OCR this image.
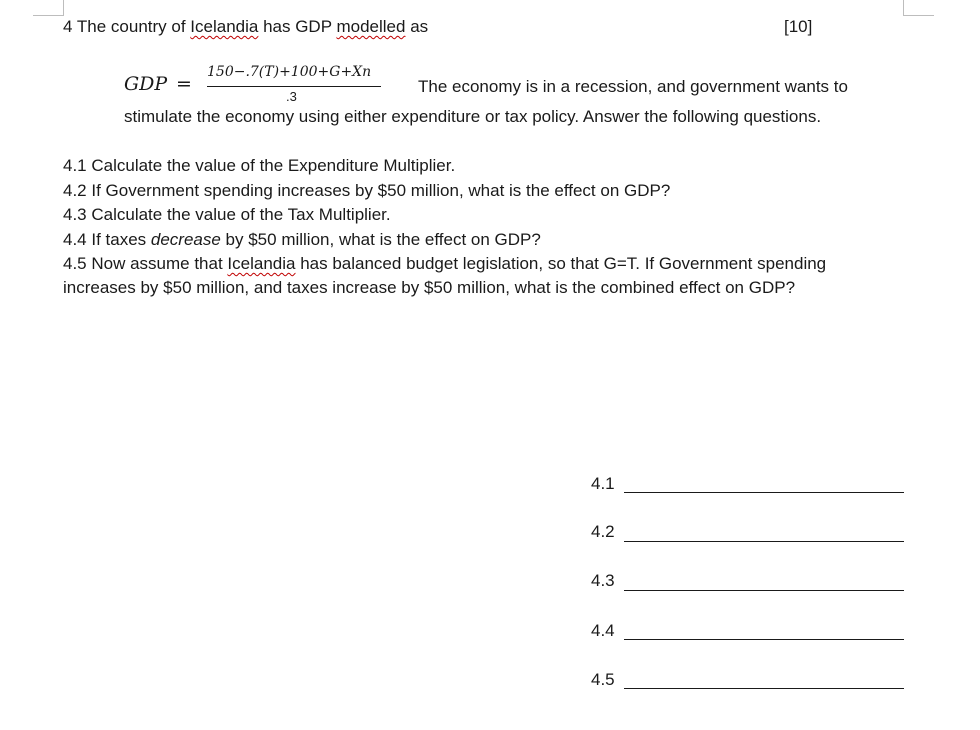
4 The country of Icelandia has GDP modelled as	[10]
GDP =
150−.7(T)+100+G+Xn
.3
The economy is in a recession, and government wants to
stimulate the economy using either expenditure or tax policy. Answer the following questions.
4.1 Calculate the value of the Expenditure Multiplier.
4.2 If Government spending increases by $50 million, what is the effect on GDP?
4.3 Calculate the value of the Tax Multiplier.
4.4 If taxes decrease by $50 million, what is the effect on GDP?
4.5 Now assume that Icelandia has balanced budget legislation, so that G=T. If Government spending
increases by $50 million, and taxes increase by $50 million, what is the combined effect on GDP?
4.1
4.2
4.3
4.4
4.5
